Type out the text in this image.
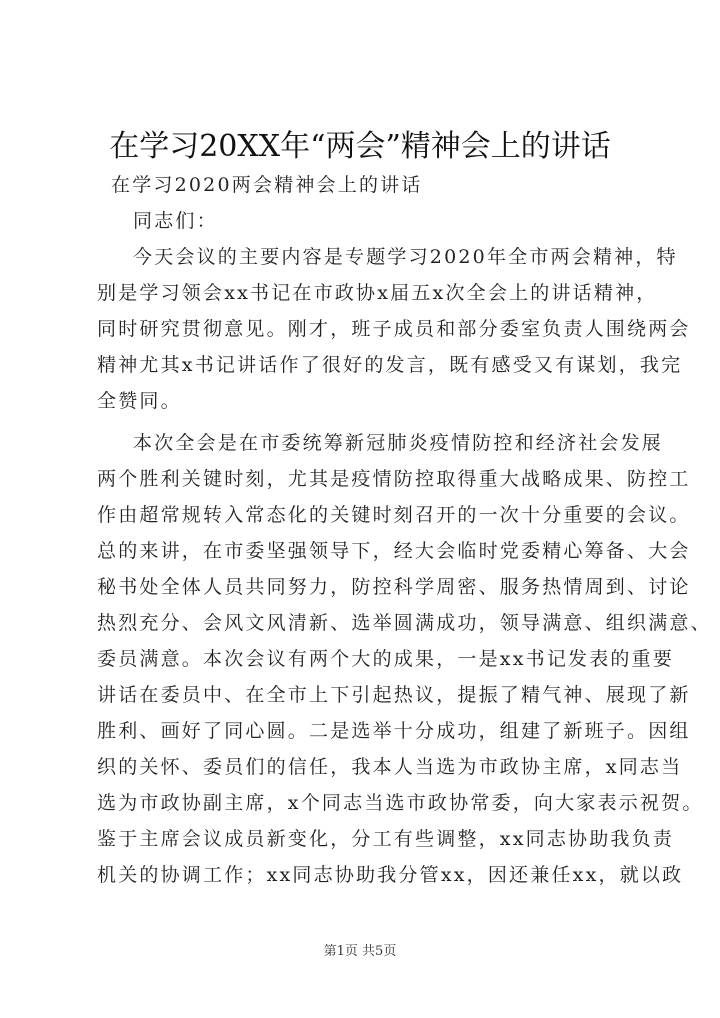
在学习20XX年“两会”精神会上的讲话
在学习2020两会精神会上的讲话
同志们：
今天会议的主要内容是专题学习2020年全市两会精神，特
别是学习领会xx书记在市政协x届五x次全会上的讲话精神，
同时研究贯彻意见。刚才，班子成员和部分委室负责人围绕两会
精神尤其x书记讲话作了很好的发言，既有感受又有谋划，我完
全赞同。
本次全会是在市委统筹新冠肺炎疫情防控和经济社会发展
两个胜利关键时刻，尤其是疫情防控取得重大战略成果、防控工
作由超常规转入常态化的关键时刻召开的一次十分重要的会议。
总的来讲，在市委坚强领导下，经大会临时党委精心筹备、大会
秘书处全体人员共同努力，防控科学周密、服务热情周到、讨论
热烈充分、会风文风清新、选举圆满成功，领导满意、组织满意、
委员满意。本次会议有两个大的成果，一是xx书记发表的重要
讲话在委员中、在全市上下引起热议，提振了精气神、展现了新
胜利、画好了同心圆。二是选举十分成功，组建了新班子。因组
织的关怀、委员们的信任，我本人当选为市政协主席，x同志当
选为市政协副主席，x个同志当选市政协常委，向大家表示祝贺。
鉴于主席会议成员新变化，分工有些调整，xx同志协助我负责
机关的协调工作；xx同志协助我分管xx，因还兼任xx，就以政
第1页 共5页
